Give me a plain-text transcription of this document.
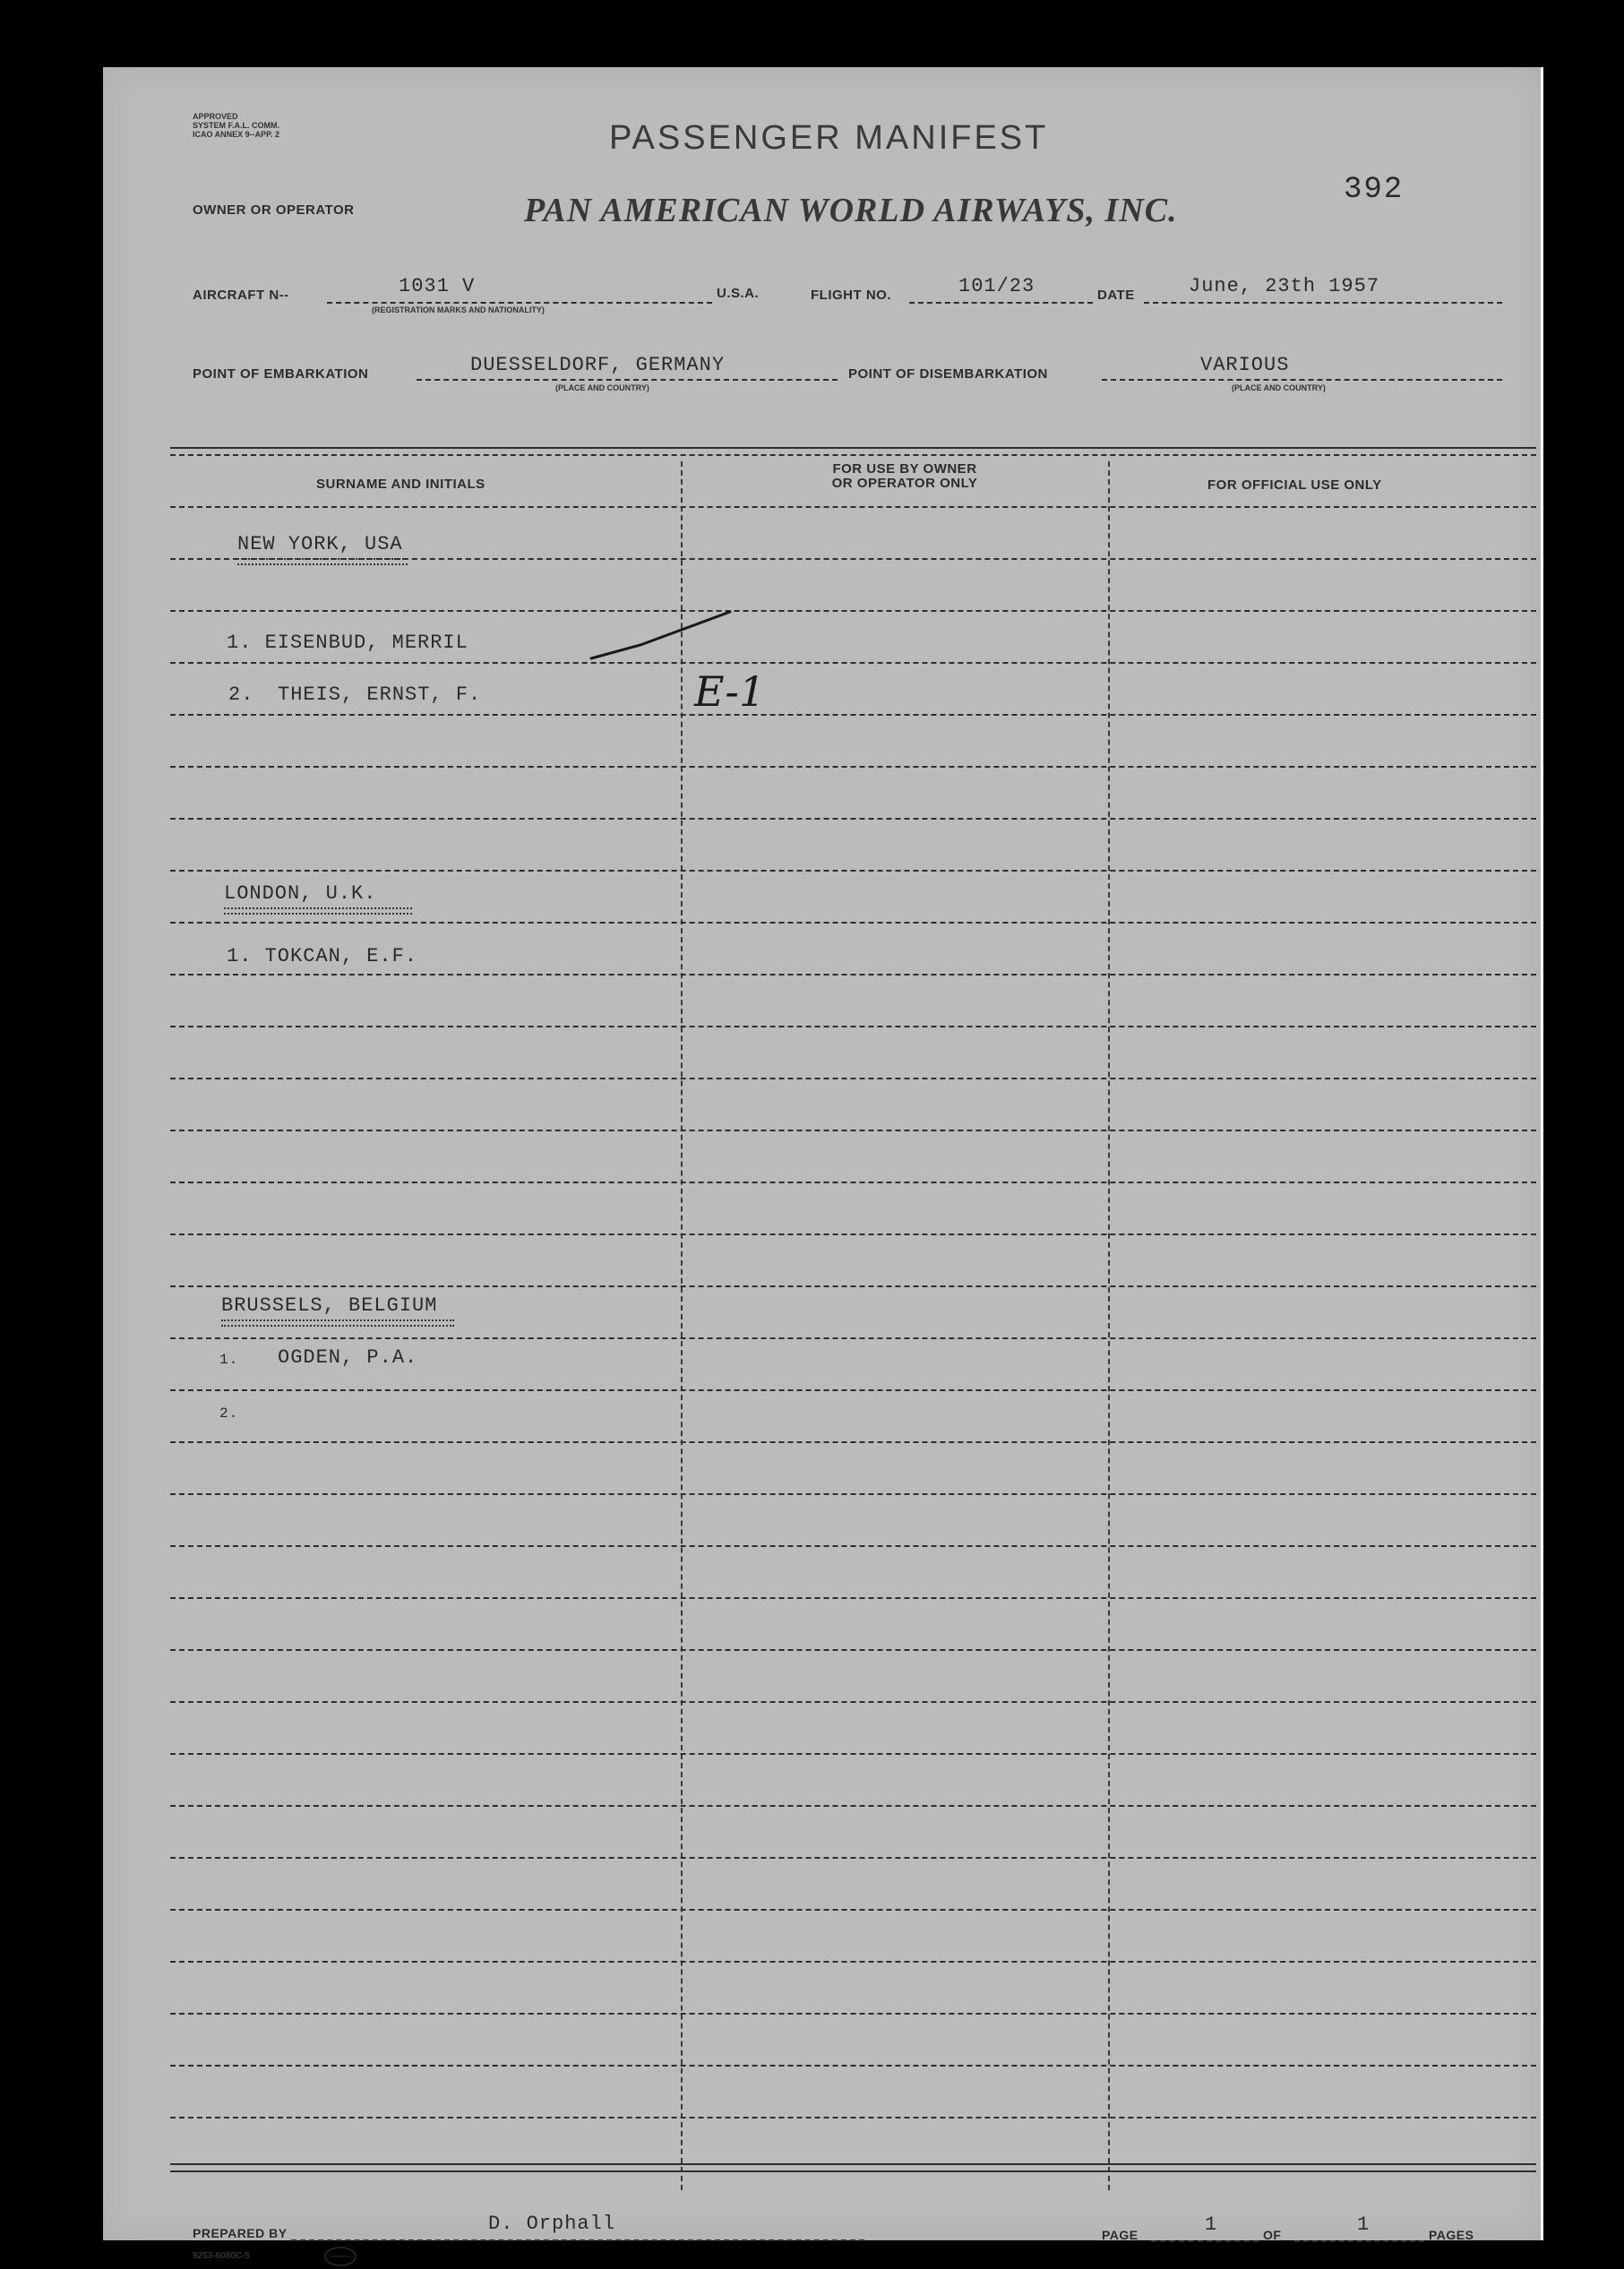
APPROVED
SYSTEM F.A.L. COMM.
ICAO ANNEX 9--APP. 2	PASSENGER MANIFEST
392
OWNER OR OPERATOR	PAN AMERICAN WORLD AIRWAYS, INC.
AIRCRAFT N--	1031 V
(REGISTRATION MARKS AND NATIONALITY)
U.S.A.	FLIGHT NO.	101/23	DATE	June, 23th 1957
POINT OF EMBARKATION	DUESSELDORF, GERMANY
(PLACE AND COUNTRY)
POINT OF DISEMBARKATION	VARIOUS
(PLACE AND COUNTRY)
SURNAME AND INITIALS
FOR USE BY OWNER
OR OPERATOR ONLY	FOR OFFICIAL USE ONLY
NEW YORK, USA
1. EISENBUD, MERRIL
2. THEIS, ERNST, F.	E-1
LONDON, U.K.
1. TOKCAN, E.F.
BRUSSELS, BELGIUM
1. OGDEN, P.A.
2.
PREPARED BY	D. Orphall
9253-6080C-5
PAGE	1	OF	1	PAGES
